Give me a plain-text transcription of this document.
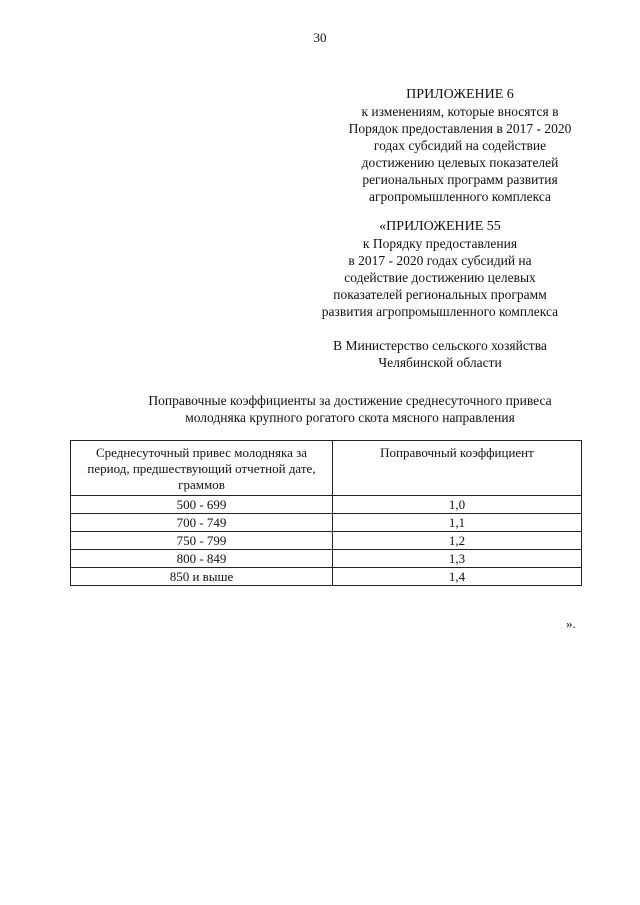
30
ПРИЛОЖЕНИЕ 6
к изменениям, которые вносятся в
Порядок предоставления в 2017 - 2020
годах субсидий на содействие
достижению целевых показателей
региональных программ развития
агропромышленного комплекса
«ПРИЛОЖЕНИЕ 55
к Порядку предоставления
в 2017 - 2020 годах субсидий на
содействие достижению целевых
показателей региональных программ
развития агропромышленного комплекса
В Министерство сельского хозяйства
Челябинской области
Поправочные коэффициенты за достижение среднесуточного привеса
молодняка крупного рогатого скота мясного направления
Среднесуточный привес молодняка за период, предшествующий отчетной дате, граммов	Поправочный коэффициент
500 - 699	1,0
700 - 749	1,1
750 - 799	1,2
800 - 849	1,3
850 и выше	1,4
».
